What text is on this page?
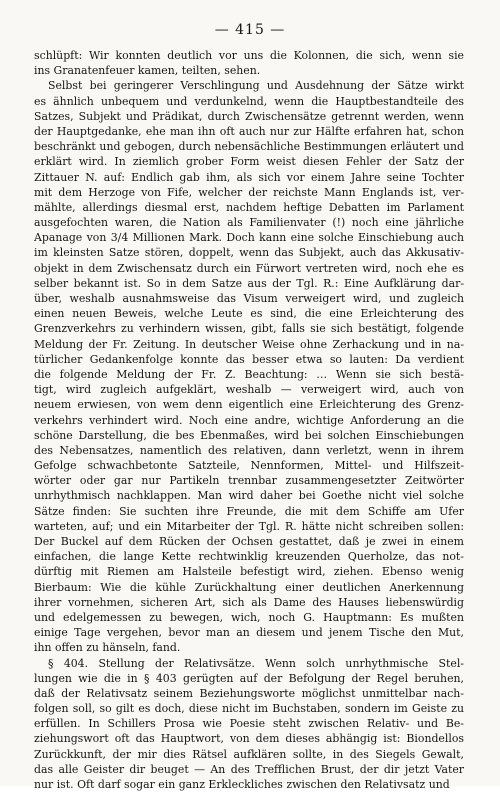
— 415 —
schlüpft: Wir konnten deutlich vor uns die Kolonnen, die sich, wenn sie
ins Granatenfeuer kamen, teilten, sehen.
Selbst bei geringerer Verschlingung und Ausdehnung der Sätze wirkt
es ähnlich unbequem und verdunkelnd, wenn die Hauptbestandteile des
Satzes, Subjekt und Prädikat, durch Zwischensätze getrennt werden, wenn
der Hauptgedanke, ehe man ihn oft auch nur zur Hälfte erfahren hat, schon
beschränkt und gebogen, durch nebensächliche Bestimmungen erläutert und
erklärt wird. In ziemlich grober Form weist diesen Fehler der Satz der
Zittauer N. auf: Endlich gab ihm, als sich vor einem Jahre seine Tochter
mit dem Herzoge von Fife, welcher der reichste Mann Englands ist, ver-
mählte, allerdings diesmal erst, nachdem heftige Debatten im Parlament
ausgefochten waren, die Nation als Familienvater (!) noch eine jährliche
Apanage von 3/4 Millionen Mark. Doch kann eine solche Einschiebung auch
im kleinsten Satze stören, doppelt, wenn das Subjekt, auch das Akkusativ-
objekt in dem Zwischensatz durch ein Fürwort vertreten wird, noch ehe es
selber bekannt ist. So in dem Satze aus der Tgl. R.: Eine Aufklärung dar-
über, weshalb ausnahmsweise das Visum verweigert wird, und zugleich
einen neuen Beweis, welche Leute es sind, die eine Erleichterung des
Grenzverkehrs zu verhindern wissen, gibt, falls sie sich bestätigt, folgende
Meldung der Fr. Zeitung. In deutscher Weise ohne Zerhackung und in na-
türlicher Gedankenfolge konnte das besser etwa so lauten: Da verdient
die folgende Meldung der Fr. Z. Beachtung: … Wenn sie sich bestä-
tigt, wird zugleich aufgeklärt, weshalb — verweigert wird, auch von
neuem erwiesen, von wem denn eigentlich eine Erleichterung des Grenz-
verkehrs verhindert wird. Noch eine andre, wichtige Anforderung an die
schöne Darstellung, die bes Ebenmaßes, wird bei solchen Einschiebungen
des Nebensatzes, namentlich des relativen, dann verletzt, wenn in ihrem
Gefolge schwachbetonte Satzteile, Nennformen, Mittel- und Hilfszeit-
wörter oder gar nur Partikeln trennbar zusammengesetzter Zeitwörter
unrhythmisch nachklappen. Man wird daher bei Goethe nicht viel solche
Sätze finden: Sie suchten ihre Freunde, die mit dem Schiffe am Ufer
warteten, auf; und ein Mitarbeiter der Tgl. R. hätte nicht schreiben sollen:
Der Buckel auf dem Rücken der Ochsen gestattet, daß je zwei in einem
einfachen, die lange Kette rechtwinklig kreuzenden Querholze, das not-
dürftig mit Riemen am Halsteile befestigt wird, ziehen. Ebenso wenig
Bierbaum: Wie die kühle Zurückhaltung einer deutlichen Anerkennung
ihrer vornehmen, sicheren Art, sich als Dame des Hauses liebenswürdig
und edelgemessen zu bewegen, wich, noch G. Hauptmann: Es mußten
einige Tage vergehen, bevor man an diesem und jenem Tische den Mut,
ihn offen zu hänseln, fand.
§ 404. Stellung der Relativsätze. Wenn solch unrhythmische Stel-
lungen wie die in § 403 gerügten auf der Befolgung der Regel beruhen,
daß der Relativsatz seinem Beziehungsworte möglichst unmittelbar nach-
folgen soll, so gilt es doch, diese nicht im Buchstaben, sondern im Geiste zu
erfüllen. In Schillers Prosa wie Poesie steht zwischen Relativ- und Be-
ziehungswort oft das Hauptwort, von dem dieses abhängig ist: Biondellos
Zurückkunft, der mir dies Rätsel aufklären sollte, in des Siegels Gewalt,
das alle Geister dir beuget — An des Trefflichen Brust, der dir jetzt Vater
nur ist. Oft darf sogar ein ganz Erkleckliches zwischen den Relativsatz und
